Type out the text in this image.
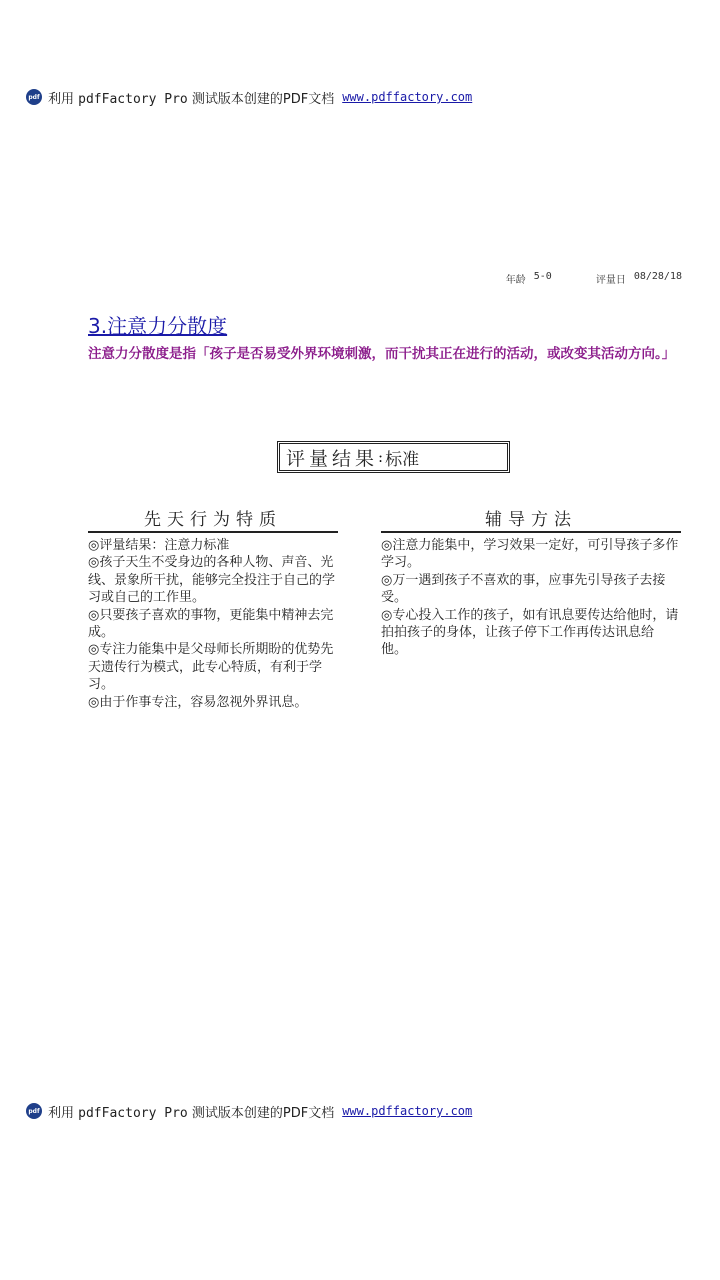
pdf 利用 pdfFactory Pro 测试版本创建的PDF文档 www.pdffactory.com
年龄 5-0	评量日 08/28/18
3.注意力分散度
注意力分散度是指「孩子是否易受外界环境刺激，而干扰其正在进行的活动，或改变其活动方向。」
评量结果 : 标准
先天行为特质	辅导方法

◎评量结果：注意力标准

◎孩子天生不受身边的各种人物、声音、光线、景象所干扰，能够完全投注于自己的学习或自己的工作里。

◎只要孩子喜欢的事物，更能集中精神去完成。

◎专注力能集中是父母师长所期盼的优势先天遗传行为模式，此专心特质，有利于学习。

◎由于作事专注，容易忽视外界讯息。

◎注意力能集中，学习效果一定好，可引导孩子多作学习。

◎万一遇到孩子不喜欢的事，应事先引导孩子去接受。

◎专心投入工作的孩子，如有讯息要传达给他时，请拍拍孩子的身体，让孩子停下工作再传达讯息给他。

pdf 利用 pdfFactory Pro 测试版本创建的PDF文档 www.pdffactory.com
